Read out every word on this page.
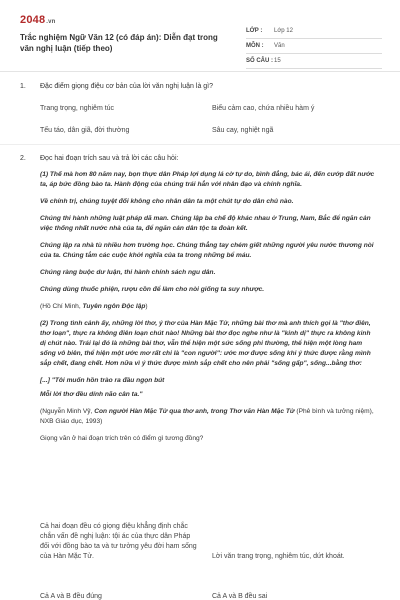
2048.vn
Trắc nghiệm Ngữ Văn 12 (có đáp án): Diễn đạt trong văn nghị luận (tiếp theo)
LỚP :	Lớp 12
MÔN :	Văn
SỐ CÂU : 15
1.	Đặc điểm giọng điệu cơ bản của lời văn nghị luận là gì?
Trang trọng, nghiêm túc	Biểu cảm cao, chứa nhiều hàm ý
Tếu táo, dân giã, đời thường	Sâu cay, nghiệt ngã
2.	Đọc hai đoạn trích sau và trả lời các câu hỏi:

(1) Thế mà hơn 80 năm nay, bọn thực dân Pháp lợi dụng lá cờ tự do, bình đẳng, bác ái, đến cướp đất nước ta, áp bức đồng bào ta. Hành động của chúng trái hẳn với nhân đạo và chính nghĩa.

Về chính trị, chúng tuyệt đối không cho nhân dân ta một chút tự do dân chủ nào.

Chúng thi hành những luật pháp dã man. Chúng lập ba chế độ khác nhau ở Trung, Nam, Bắc để ngăn cản việc thống nhất nước nhà của ta, để ngăn cản dân tộc ta đoàn kết.

Chúng lập ra nhà tù nhiều hơn trường học. Chúng thẳng tay chém giết những người yêu nước thương nòi của ta. Chúng tắm các cuộc khởi nghĩa của ta trong những bể máu.

Chúng ràng buộc dư luận, thi hành chính sách ngu dân.

Chúng dùng thuốc phiện, rượu cồn để làm cho nòi giống ta suy nhược.

(Hồ Chí Minh, Tuyên ngôn Độc lập)

(2) Trong tình cảnh ấy, những lời thơ, ý thơ của Hàn Mặc Tử, những bài thơ mà anh thích gọi là "thơ điên, thơ loạn", thực ra không điên loạn chút nào! Những bài thơ đọc nghe như là "kinh dị" thực ra không kinh dị chút nào. Trái lại đó là những bài thơ, vẫn thể hiện một sức sống phi thường, thể hiện một lòng ham sống vô biên, thể hiện một ước mơ rất chi là "con người": ước mơ được sống khi ý thức được rằng mình sắp chết, đang chết. Hơn nữa vì ý thức được mình sắp chết cho nên phải "sống gấp", sống...bằng thơ:

[...] "Tôi muốn hồn trào ra đầu ngọn bút

Mỗi lời thơ đều dính não cân ta."

(Nguyễn Minh Vỹ, Con người Hàn Mặc Tử qua thơ anh, trong Thơ văn Hàn Mặc Tử (Phê bình và tưởng niệm), NXB Giáo dục, 1993)

Giọng văn ở hai đoạn trích trên có điểm gì tương đồng?

Cả hai đoạn đều có giọng điệu khẳng định chắc chắn vấn đề nghị luận: tội ác của thực dân Pháp đối với đồng bào ta và tư tưởng yêu đời ham sống của Hàn Mặc Tử.	Lời văn trang trọng, nghiêm túc, dứt khoát.
Cả A và B đều đúng	Cả A và B đều sai
